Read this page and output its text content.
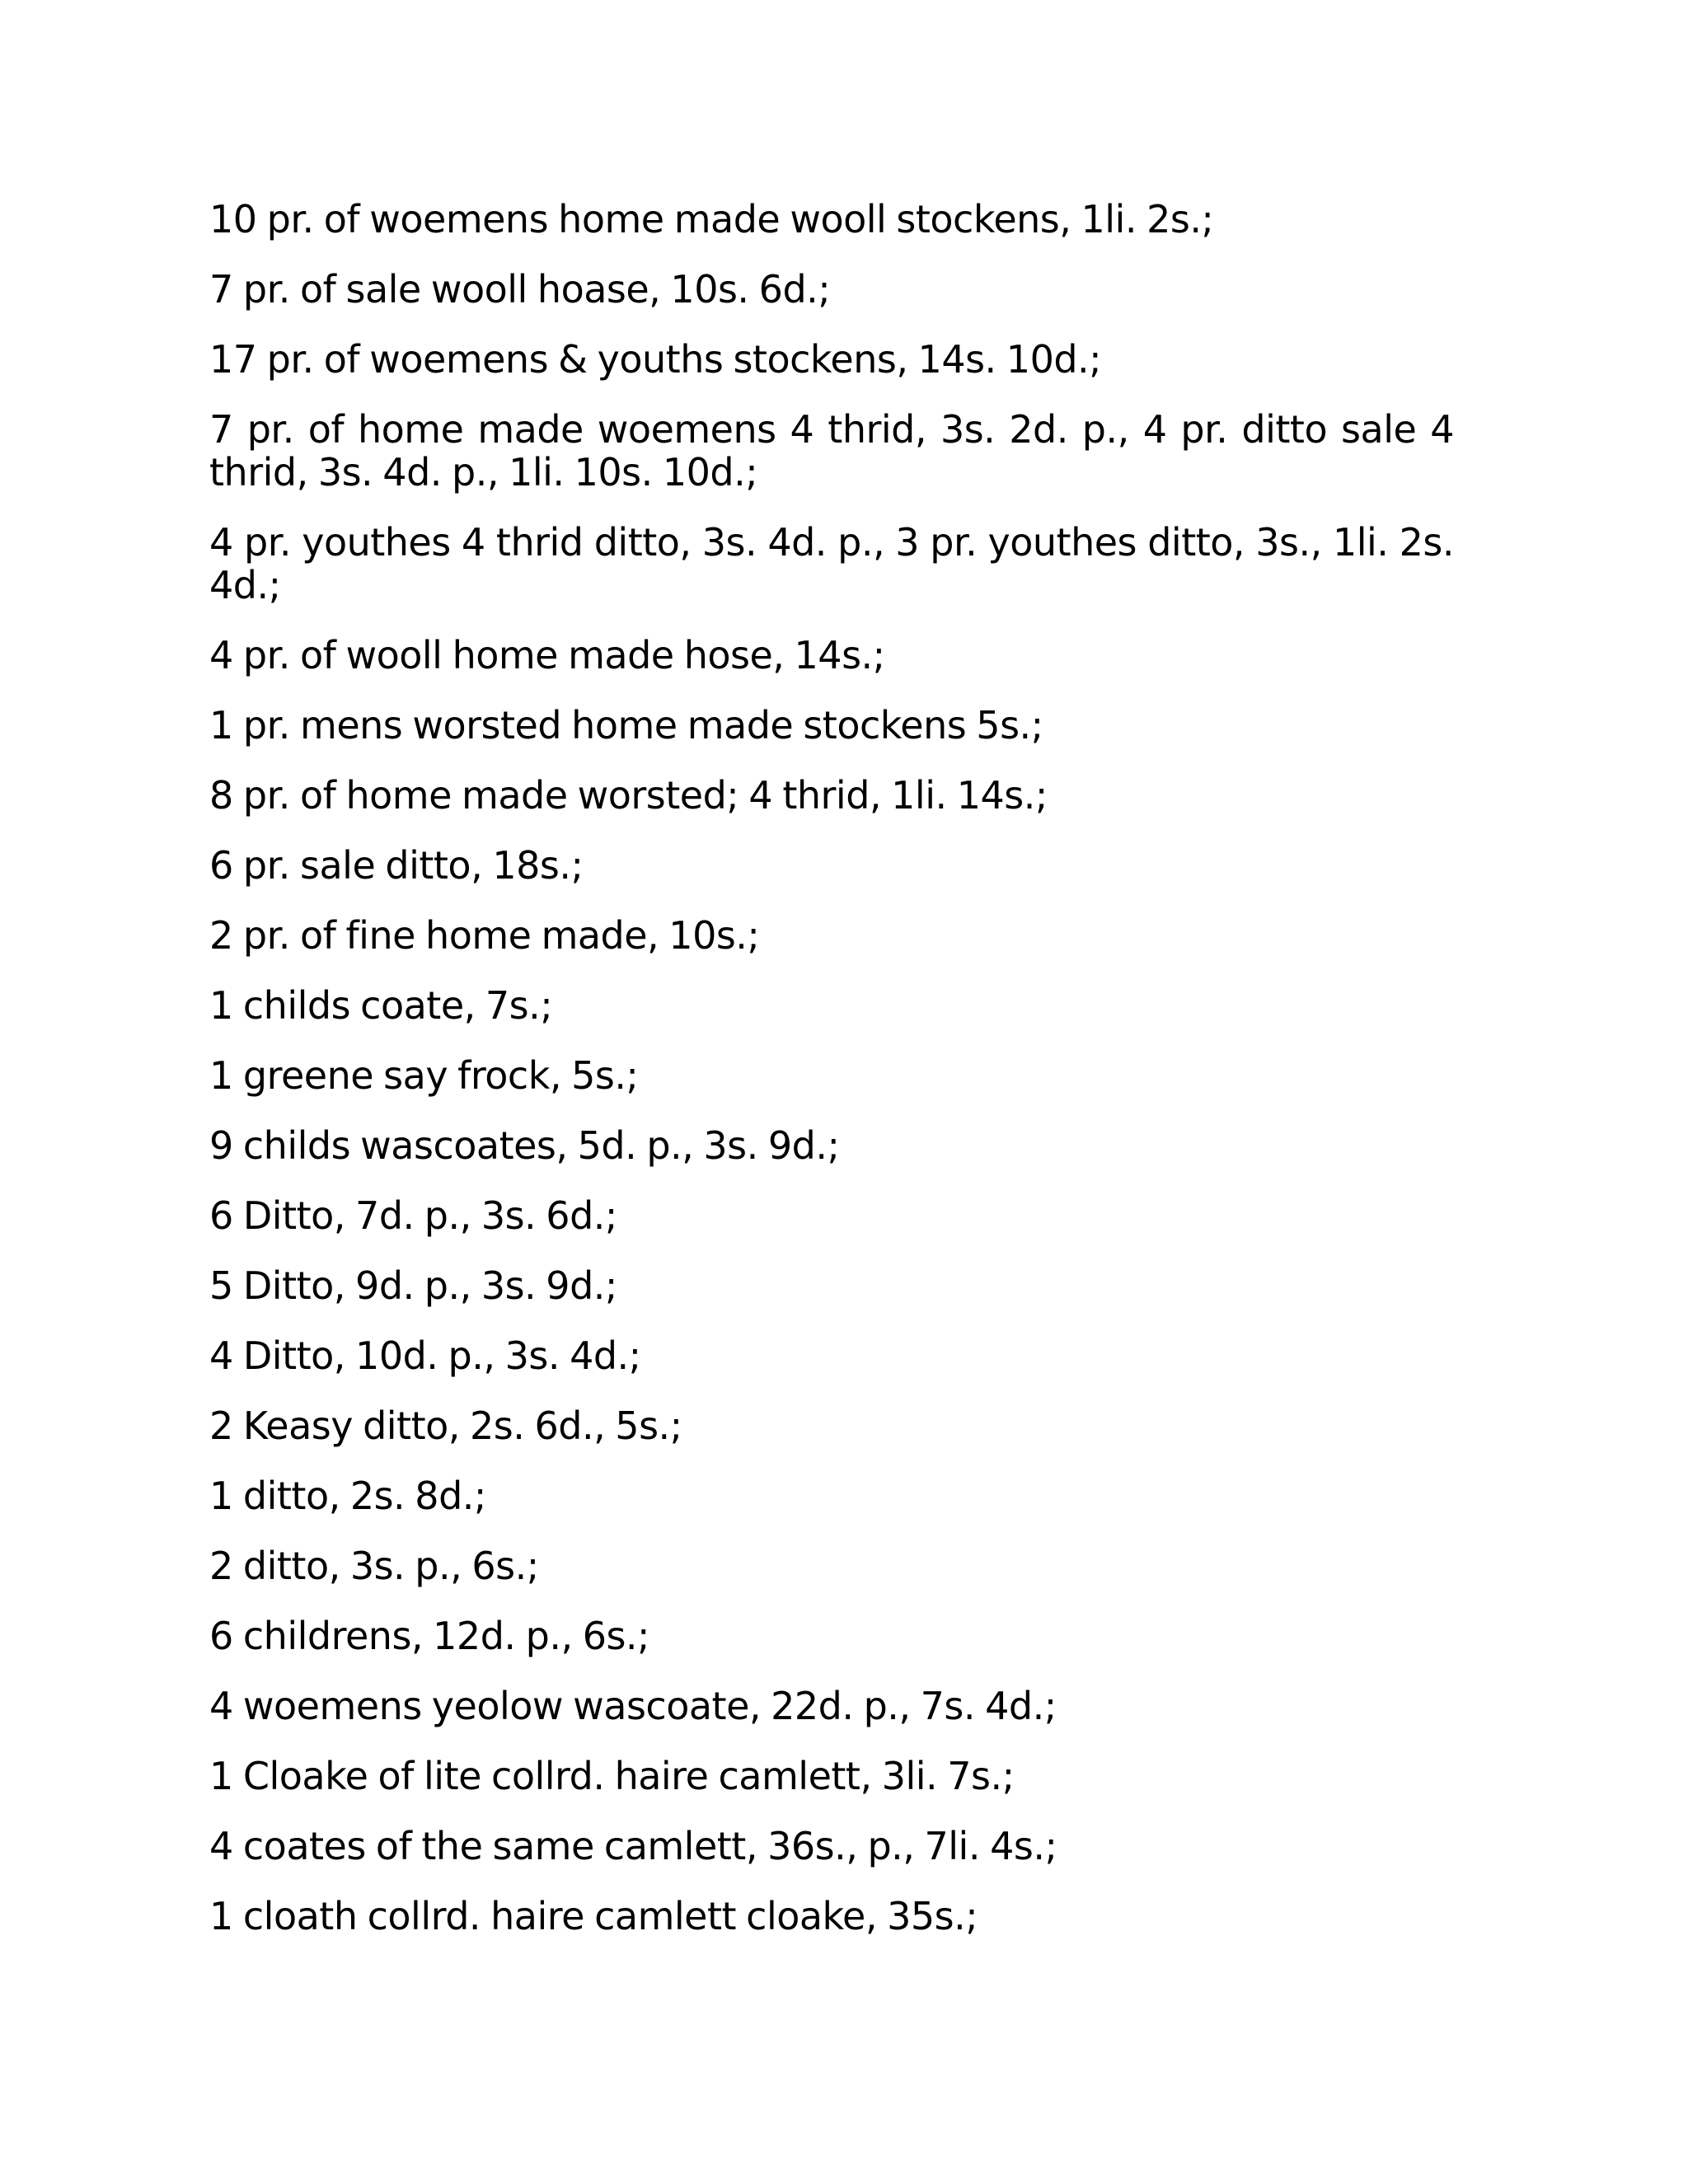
10 pr. of woemens home made wooll stockens, 1li. 2s.;
7 pr. of sale wooll hoase, 10s. 6d.;
17 pr. of woemens & youths stockens, 14s. 10d.;
7 pr. of home made woemens 4 thrid, 3s. 2d. p., 4 pr. ditto sale 4 thrid, 3s. 4d. p., 1li. 10s. 10d.;
4 pr. youthes 4 thrid ditto, 3s. 4d. p., 3 pr. youthes ditto, 3s., 1li. 2s. 4d.;
4 pr. of wooll home made hose, 14s.;
1 pr. mens worsted home made stockens 5s.;
8 pr. of home made worsted; 4 thrid, 1li. 14s.;
6 pr. sale ditto, 18s.;
2 pr. of fine home made, 10s.;
1 childs coate, 7s.;
1 greene say frock, 5s.;
9 childs wascoates, 5d. p., 3s. 9d.;
6 Ditto, 7d. p., 3s. 6d.;
5 Ditto, 9d. p., 3s. 9d.;
4 Ditto, 10d. p., 3s. 4d.;
2 Keasy ditto, 2s. 6d., 5s.;
1 ditto, 2s. 8d.;
2 ditto, 3s. p., 6s.;
6 childrens, 12d. p., 6s.;
4 woemens yeolow wascoate, 22d. p., 7s. 4d.;
1 Cloake of lite collrd. haire camlett, 3li. 7s.;
4 coates of the same camlett, 36s., p., 7li. 4s.;
1 cloath collrd. haire camlett cloake, 35s.;
